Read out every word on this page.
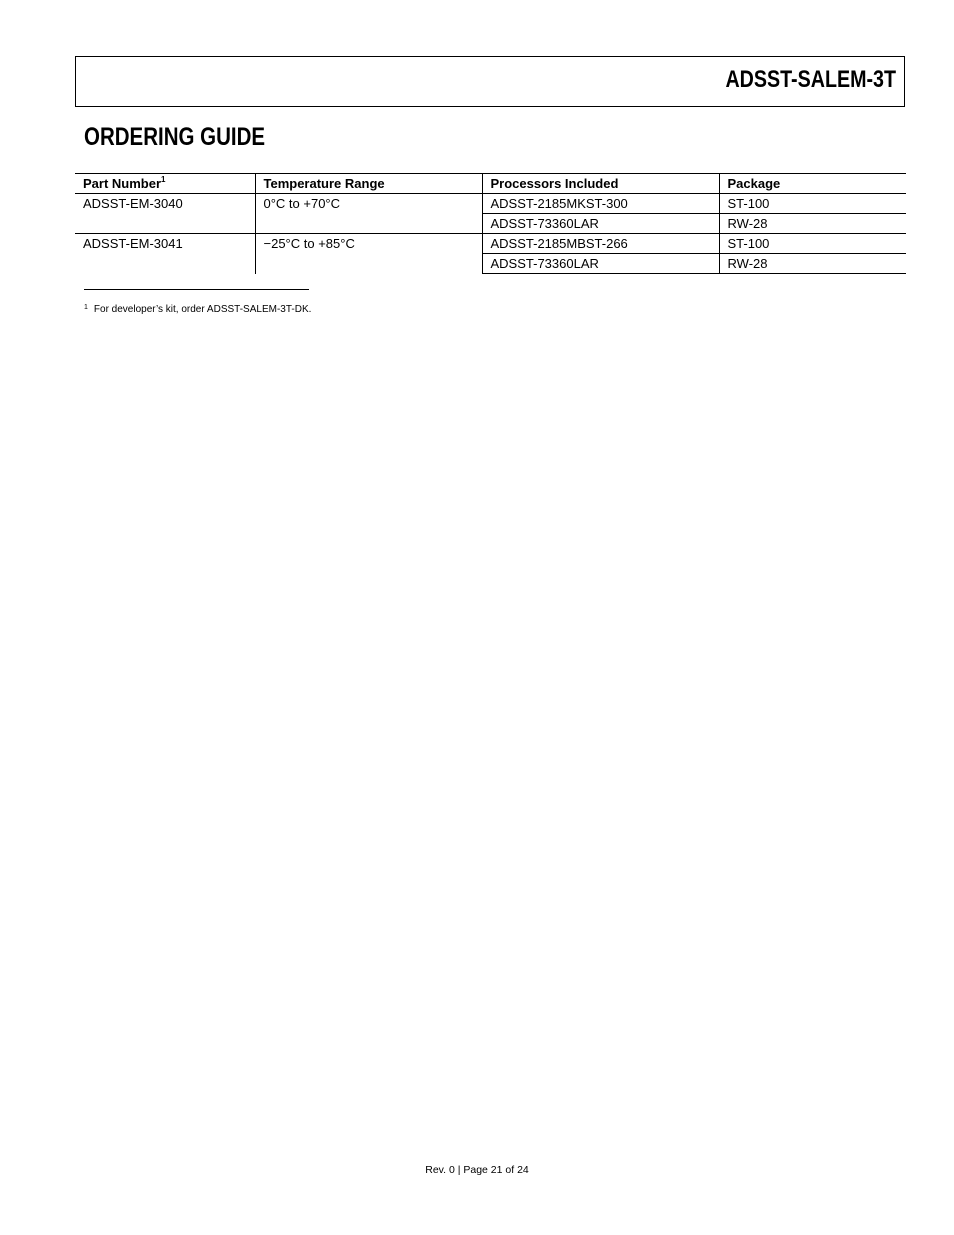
ADSST-SALEM-3T
ORDERING GUIDE
Part Number$^1$	Temperature Range	Processors Included	Package
ADSST-EM-3040	0°C to +70°C	ADSST-2185MKST-300	ST-100
		ADSST-73360LAR	RW-28
ADSST-EM-3041	−25°C to +85°C	ADSST-2185MBST-266	ST-100
		ADSST-73360LAR	RW-28
$^1$ For developer’s kit, order ADSST-SALEM-3T-DK.
Rev. 0 | Page 21 of 24
